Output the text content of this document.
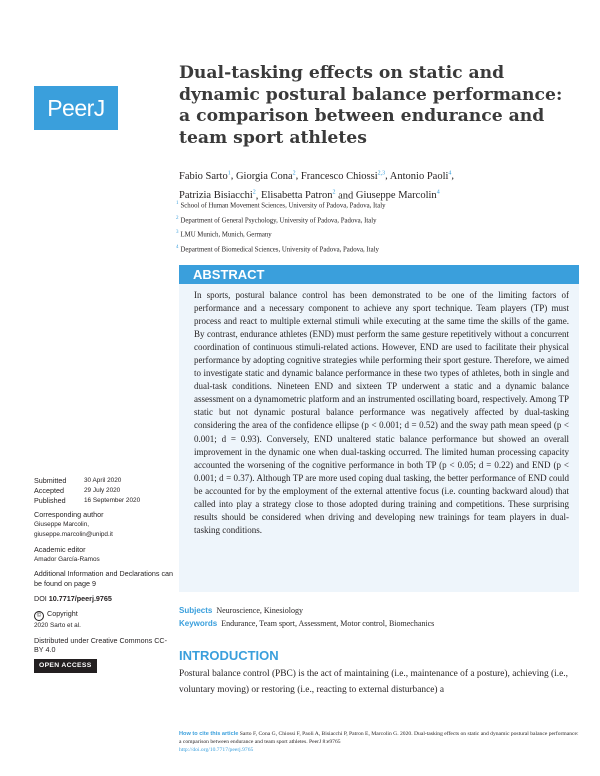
PeerJ
Dual-tasking effects on static and dynamic postural balance performance: a comparison between endurance and team sport athletes
Fabio Sarto$^1$, Giorgia Cona$^2$, Francesco Chiossi$^{2,3}$, Antonio Paoli$^4$,
Patrizia Bisiacchi$^2$, Elisabetta Patron$^2$ and Giuseppe Marcolin$^4$
$^1$ School of Human Movement Sciences, University of Padova, Padova, Italy
$^2$ Department of General Psychology, University of Padova, Padova, Italy
$^3$ LMU Munich, Munich, Germany
$^4$ Department of Biomedical Sciences, University of Padova, Padova, Italy
ABSTRACT

In sports, postural balance control has been demonstrated to be one of the limiting factors of performance and a necessary component to achieve any sport technique. Team players (TP) must process and react to multiple external stimuli while executing at the same time the skills of the game. By contrast, endurance athletes (END) must perform the same gesture repetitively without a concurrent coordination of continuous stimuli-related actions. However, END are used to facilitate their physical performance by adopting cognitive strategies while performing their sport gesture. Therefore, we aimed to investigate static and dynamic balance performance in these two types of athletes, both in single and dual-task conditions. Nineteen END and sixteen TP underwent a static and a dynamic balance assessment on a dynamometric platform and an instrumented oscillating board, respectively. Among TP static but not dynamic postural balance performance was negatively affected by dual-tasking considering the area of the confidence ellipse (p < 0.001; d = 0.52) and the sway path mean speed (p < 0.001; d = 0.93). Conversely, END unaltered static balance performance but showed an overall improvement in the dynamic one when dual-tasking occurred. The limited human processing capacity accounted the worsening of the cognitive performance in both TP (p < 0.05; d = 0.22) and END (p < 0.001; d = 0.37). Although TP are more used coping dual tasking, the better performance of END could be accounted for by the employment of the external attentive focus (i.e. counting backward aloud) that called into play a strategy close to those adopted during training and competitions. These surprising results should be considered when driving and developing new trainings for team players in dual-tasking conditions.

Subjects Neuroscience, Kinesiology
Keywords Endurance, Team sport, Assessment, Motor control, Biomechanics
INTRODUCTION

Postural balance control (PBC) is the act of maintaining (i.e., maintenance of a posture), achieving (i.e., voluntary moving) or restoring (i.e., reacting to external disturbance) a

Submitted	30 April 2020
Accepted	29 July 2020
Published	16 September 2020
Corresponding author
Giuseppe Marcolin,
giuseppe.marcolin@unipd.it
Academic editor
Amador García-Ramos
Additional Information and Declarations can be found on page 9
DOI 10.7717/peerj.9765
© Copyright
2020 Sarto et al.
Distributed under Creative Commons CC-BY 4.0
OPEN ACCESS
How to cite this article Sarto F, Cona G, Chiossi F, Paoli A, Bisiacchi P, Patron E, Marcolin G. 2020. Dual-tasking effects on static and dynamic postural balance performance: a comparison between endurance and team sport athletes. PeerJ 8:e9765
http://doi.org/10.7717/peerj.9765
